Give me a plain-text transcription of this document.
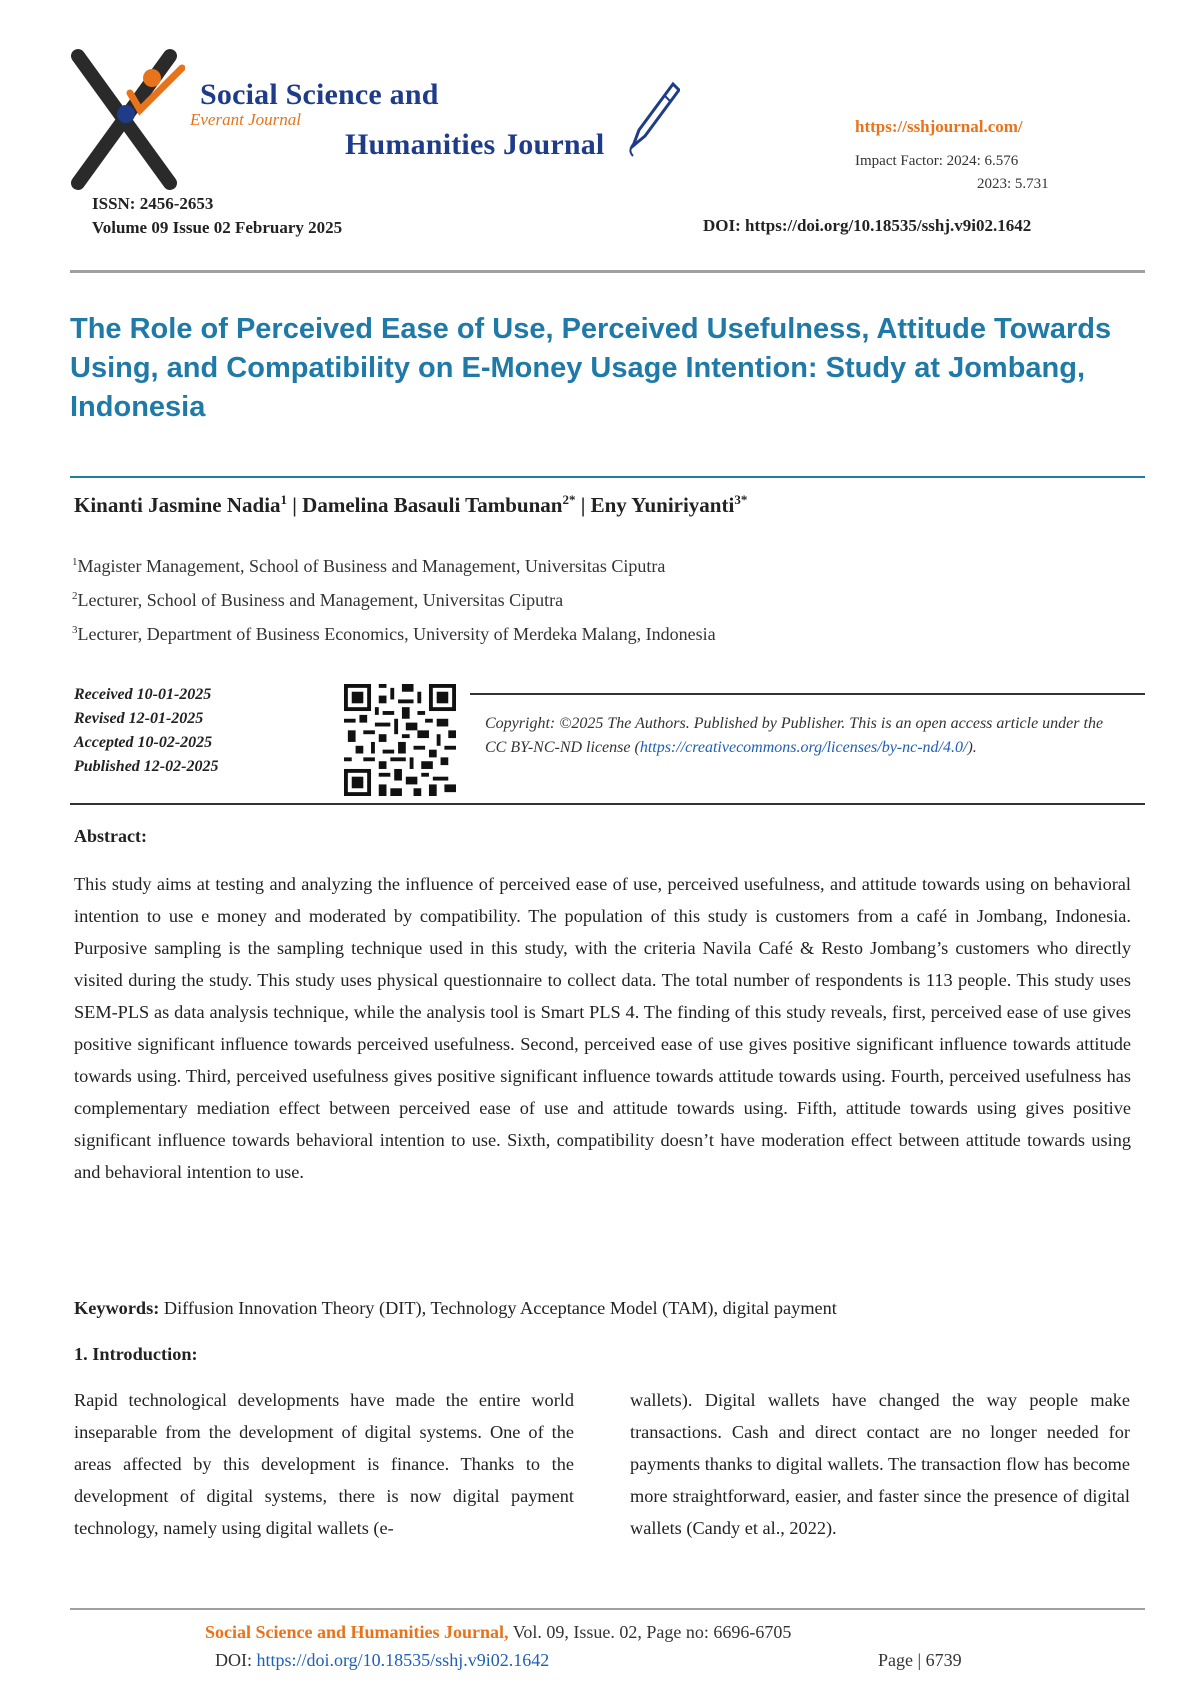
Social Science and
Everant Journal
Humanities Journal
ISSN: 2456-2653
Volume 09 Issue 02 February 2025
https://sshjournal.com/
Impact Factor: 2024: 6.576
2023: 5.731
DOI: https://doi.org/10.18535/sshj.v9i02.1642
The Role of Perceived Ease of Use, Perceived Usefulness, Attitude Towards Using, and Compatibility on E-Money Usage Intention: Study at Jombang, Indonesia
Kinanti Jasmine Nadia$^1$ | Damelina Basauli Tambunan$^{2*}$ | Eny Yuniriyanti$^{3*}$
$^1$Magister Management, School of Business and Management, Universitas Ciputra
$^2$Lecturer, School of Business and Management, Universitas Ciputra
$^3$Lecturer, Department of Business Economics, University of Merdeka Malang, Indonesia
Received 10-01-2025
Revised 12-01-2025
Accepted 10-02-2025
Published 12-02-2025
Copyright: ©2025 The Authors. Published by Publisher. This is an open access article under the CC BY-NC-ND license (https://creativecommons.org/licenses/by-nc-nd/4.0/).
Abstract:
This study aims at testing and analyzing the influence of perceived ease of use, perceived usefulness, and attitude towards using on behavioral intention to use e money and moderated by compatibility. The population of this study is customers from a café in Jombang, Indonesia. Purposive sampling is the sampling technique used in this study, with the criteria Navila Café & Resto Jombang’s customers who directly visited during the study. This study uses physical questionnaire to collect data. The total number of respondents is 113 people. This study uses SEM-PLS as data analysis technique, while the analysis tool is Smart PLS 4. The finding of this study reveals, first, perceived ease of use gives positive significant influence towards perceived usefulness. Second, perceived ease of use gives positive significant influence towards attitude towards using. Third, perceived usefulness gives positive significant influence towards attitude towards using. Fourth, perceived usefulness has complementary mediation effect between perceived ease of use and attitude towards using. Fifth, attitude towards using gives positive significant influence towards behavioral intention to use. Sixth, compatibility doesn’t have moderation effect between attitude towards using and behavioral intention to use.
Keywords: Diffusion Innovation Theory (DIT), Technology Acceptance Model (TAM), digital payment
1. Introduction:
Rapid technological developments have made the entire world inseparable from the development of digital systems. One of the areas affected by this development is finance. Thanks to the development of digital systems, there is now digital payment technology, namely using digital wallets (e-
wallets). Digital wallets have changed the way people make transactions. Cash and direct contact are no longer needed for payments thanks to digital wallets. The transaction flow has become more straightforward, easier, and faster since the presence of digital wallets (Candy et al., 2022).
Social Science and Humanities Journal, Vol. 09, Issue. 02, Page no: 6696-6705
DOI: https://doi.org/10.18535/sshj.v9i02.1642	Page | 6739
